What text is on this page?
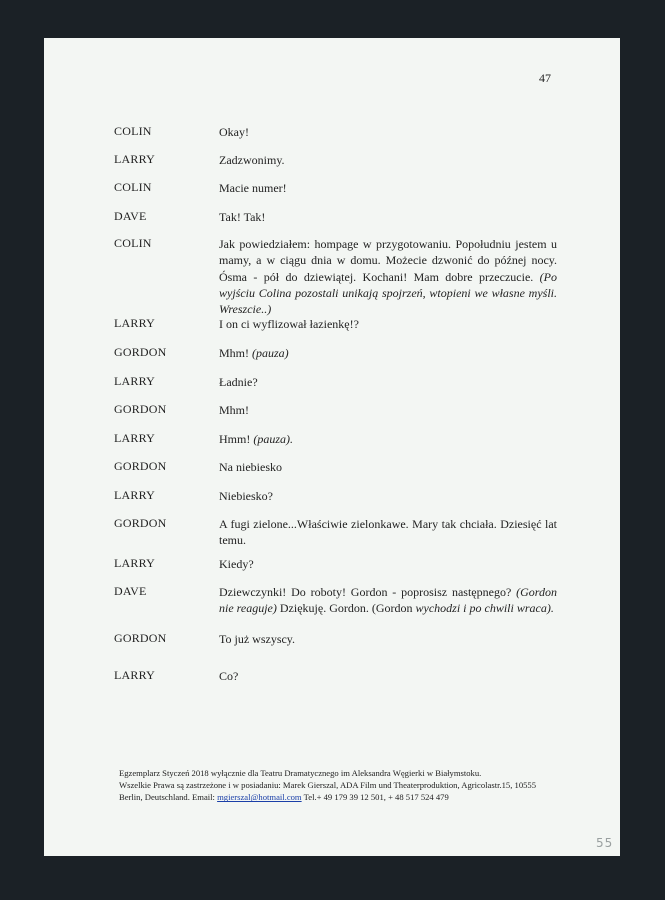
47
COLIN	Okay!
LARRY	Zadzwonimy.
COLIN	Macie numer!
DAVE	Tak! Tak!
COLIN	Jak powiedziałem: hompage w przygotowaniu. Popołudniu jestem u mamy, a w ciągu dnia w domu. Możecie dzwonić do późnej nocy. Ósma - pół do dziewiątej. Kochani! Mam dobre przeczucie. (Po wyjściu Colina pozostali unikają spojrzeń, wtopieni we własne myśli. Wreszcie..)
LARRY	I on ci wyflizował łazienkę!?
GORDON	Mhm! (pauza)
LARRY	Ładnie?
GORDON	Mhm!
LARRY	Hmm! (pauza).
GORDON	Na niebiesko
LARRY	Niebiesko?
GORDON	A fugi zielone...Właściwie zielonkawe. Mary tak chciała. Dziesięć lat temu.
LARRY	Kiedy?
DAVE	Dziewczynki! Do roboty! Gordon - poprosisz następnego? (Gordon nie reaguje) Dziękuję. Gordon. (Gordon wychodzi i po chwili wraca).
GORDON	To już wszyscy.
LARRY	Co?
Egzemplarz Styczeń 2018 wyłącznie dla Teatru Dramatycznego im Aleksandra Węgierki w Białymstoku.
Wszelkie Prawa są zastrzeżone i w posiadaniu: Marek Gierszal, ADA Film und Theaterproduktion, Agricolastr.15, 10555
Berlin, Deutschland. Email: mgierszal@hotmail.com Tel.+ 49 179 39 12 501, + 48 517 524 479
55
